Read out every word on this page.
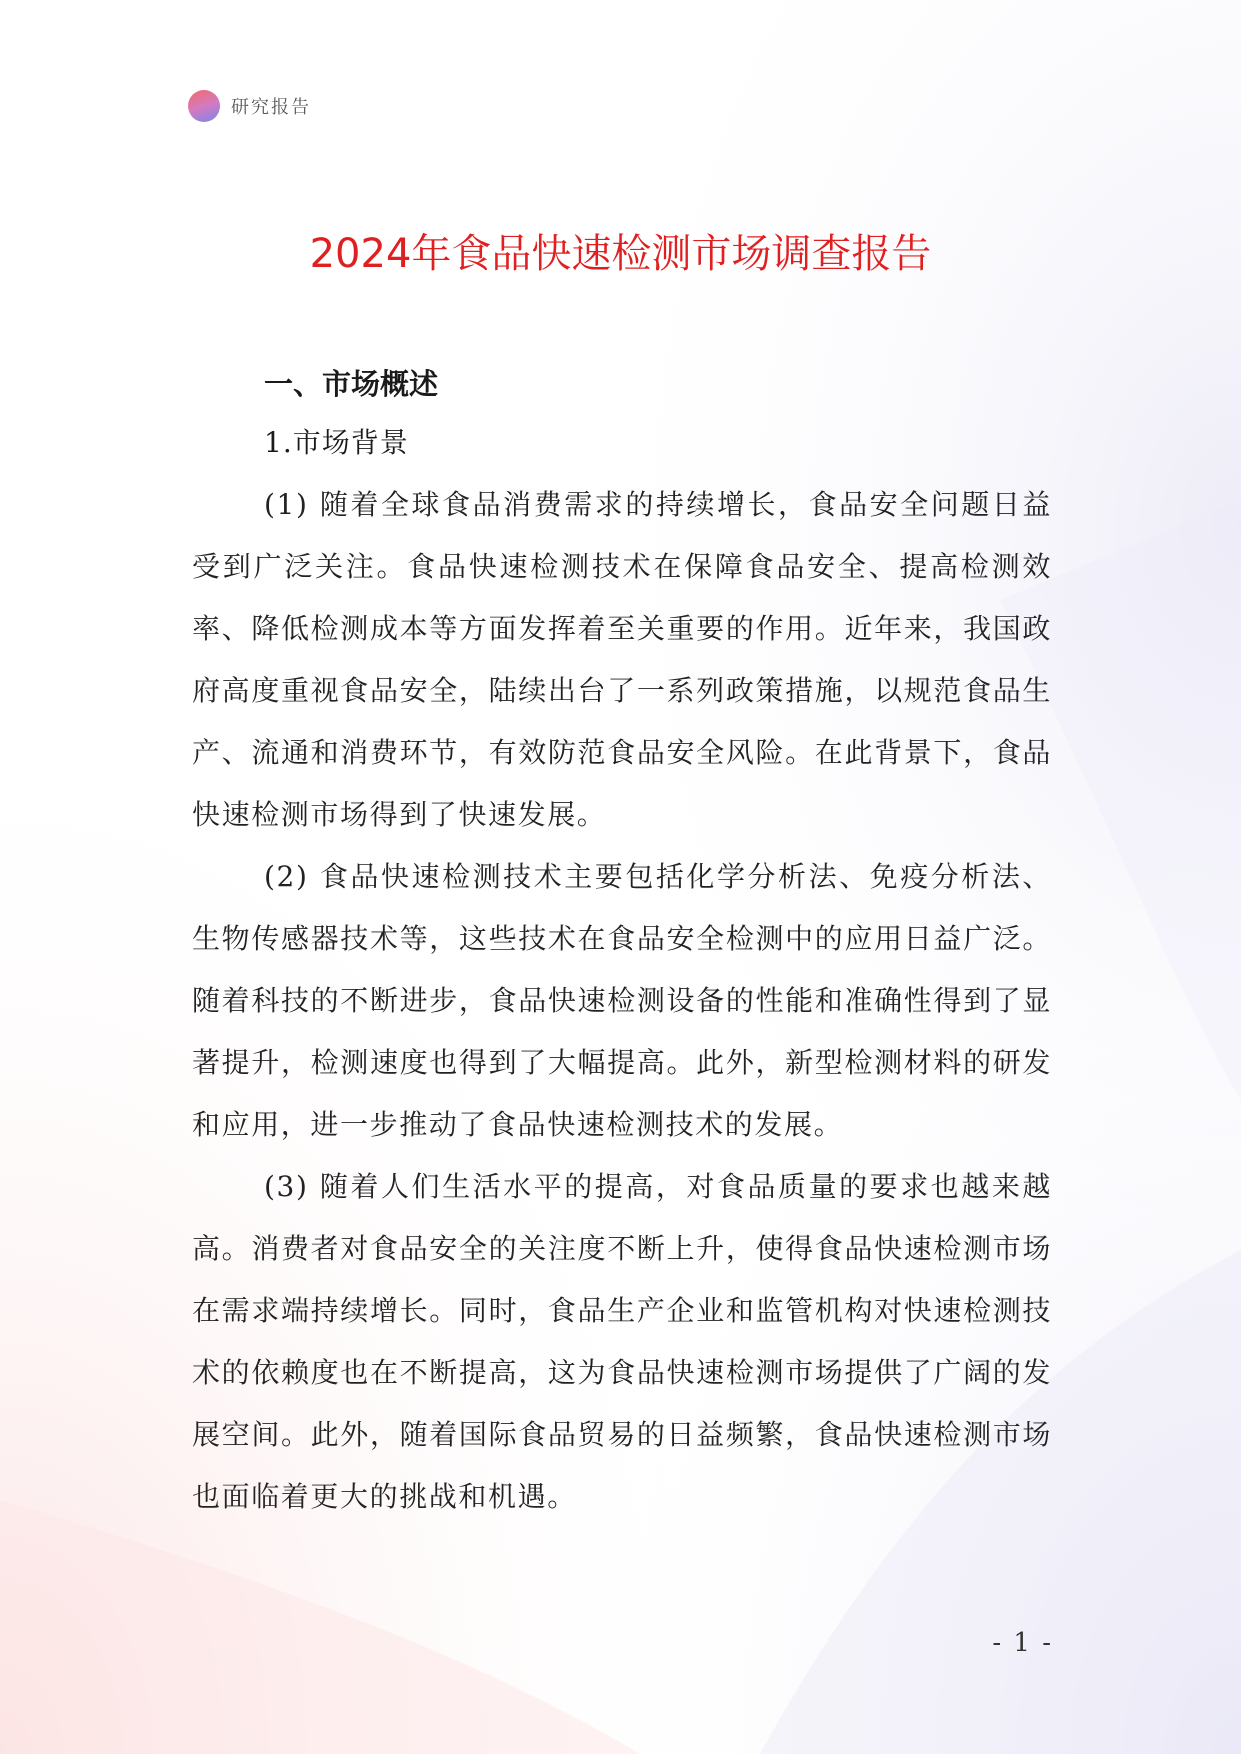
研究报告
2024年食品快速检测市场调查报告
一、市场概述
1.市场背景

(1) 随着全球食品消费需求的持续增长，食品安全问题日益受到广泛关注。食品快速检测技术在保障食品安全、提高检测效率、降低检测成本等方面发挥着至关重要的作用。近年来，我国政府高度重视食品安全，陆续出台了一系列政策措施，以规范食品生产、流通和消费环节，有效防范食品安全风险。在此背景下，食品快速检测市场得到了快速发展。

(2) 食品快速检测技术主要包括化学分析法、免疫分析法、生物传感器技术等，这些技术在食品安全检测中的应用日益广泛。随着科技的不断进步，食品快速检测设备的性能和准确性得到了显著提升，检测速度也得到了大幅提高。此外，新型检测材料的研发和应用，进一步推动了食品快速检测技术的发展。

(3) 随着人们生活水平的提高，对食品质量的要求也越来越高。消费者对食品安全的关注度不断上升，使得食品快速检测市场在需求端持续增长。同时，食品生产企业和监管机构对快速检测技术的依赖度也在不断提高，这为食品快速检测市场提供了广阔的发展空间。此外，随着国际食品贸易的日益频繁，食品快速检测市场也面临着更大的挑战和机遇。

- 1 -
